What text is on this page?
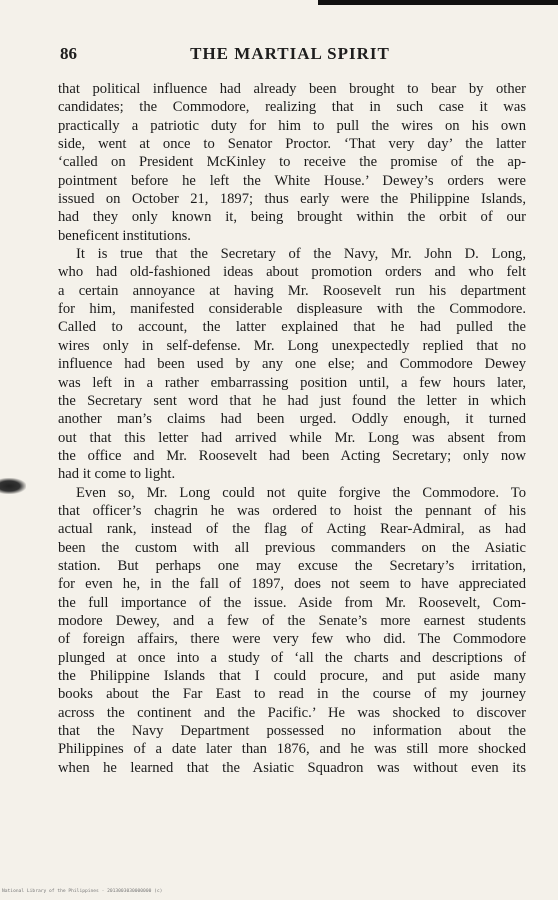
86	THE MARTIAL SPIRIT

that political influence had already been brought to bear by other
candidates; the Commodore, realizing that in such case it was
practically a patriotic duty for him to pull the wires on his own
side, went at once to Senator Proctor. ‘That very day’ the latter
‘called on President McKinley to receive the promise of the ap-
pointment before he left the White House.’ Dewey’s orders were
issued on October 21, 1897; thus early were the Philippine Islands,
had they only known it, being brought within the orbit of our
beneficent institutions.

It is true that the Secretary of the Navy, Mr. John D. Long,
who had old-fashioned ideas about promotion orders and who felt
a certain annoyance at having Mr. Roosevelt run his department
for him, manifested considerable displeasure with the Commodore.
Called to account, the latter explained that he had pulled the
wires only in self-defense. Mr. Long unexpectedly replied that no
influence had been used by any one else; and Commodore Dewey
was left in a rather embarrassing position until, a few hours later,
the Secretary sent word that he had just found the letter in which
another man’s claims had been urged. Oddly enough, it turned
out that this letter had arrived while Mr. Long was absent from
the office and Mr. Roosevelt had been Acting Secretary; only now
had it come to light.

Even so, Mr. Long could not quite forgive the Commodore. To
that officer’s chagrin he was ordered to hoist the pennant of his
actual rank, instead of the flag of Acting Rear-Admiral, as had
been the custom with all previous commanders on the Asiatic
station. But perhaps one may excuse the Secretary’s irritation,
for even he, in the fall of 1897, does not seem to have appreciated
the full importance of the issue. Aside from Mr. Roosevelt, Com-
modore Dewey, and a few of the Senate’s more earnest students
of foreign affairs, there were very few who did. The Commodore
plunged at once into a study of ‘all the charts and descriptions of
the Philippine Islands that I could procure, and put aside many
books about the Far East to read in the course of my journey
across the continent and the Pacific.’ He was shocked to discover
that the Navy Department possessed no information about the
Philippines of a date later than 1876, and he was still more shocked
when he learned that the Asiatic Squadron was without even its

National Library of the Philippines · 2013003030000000 (c)
